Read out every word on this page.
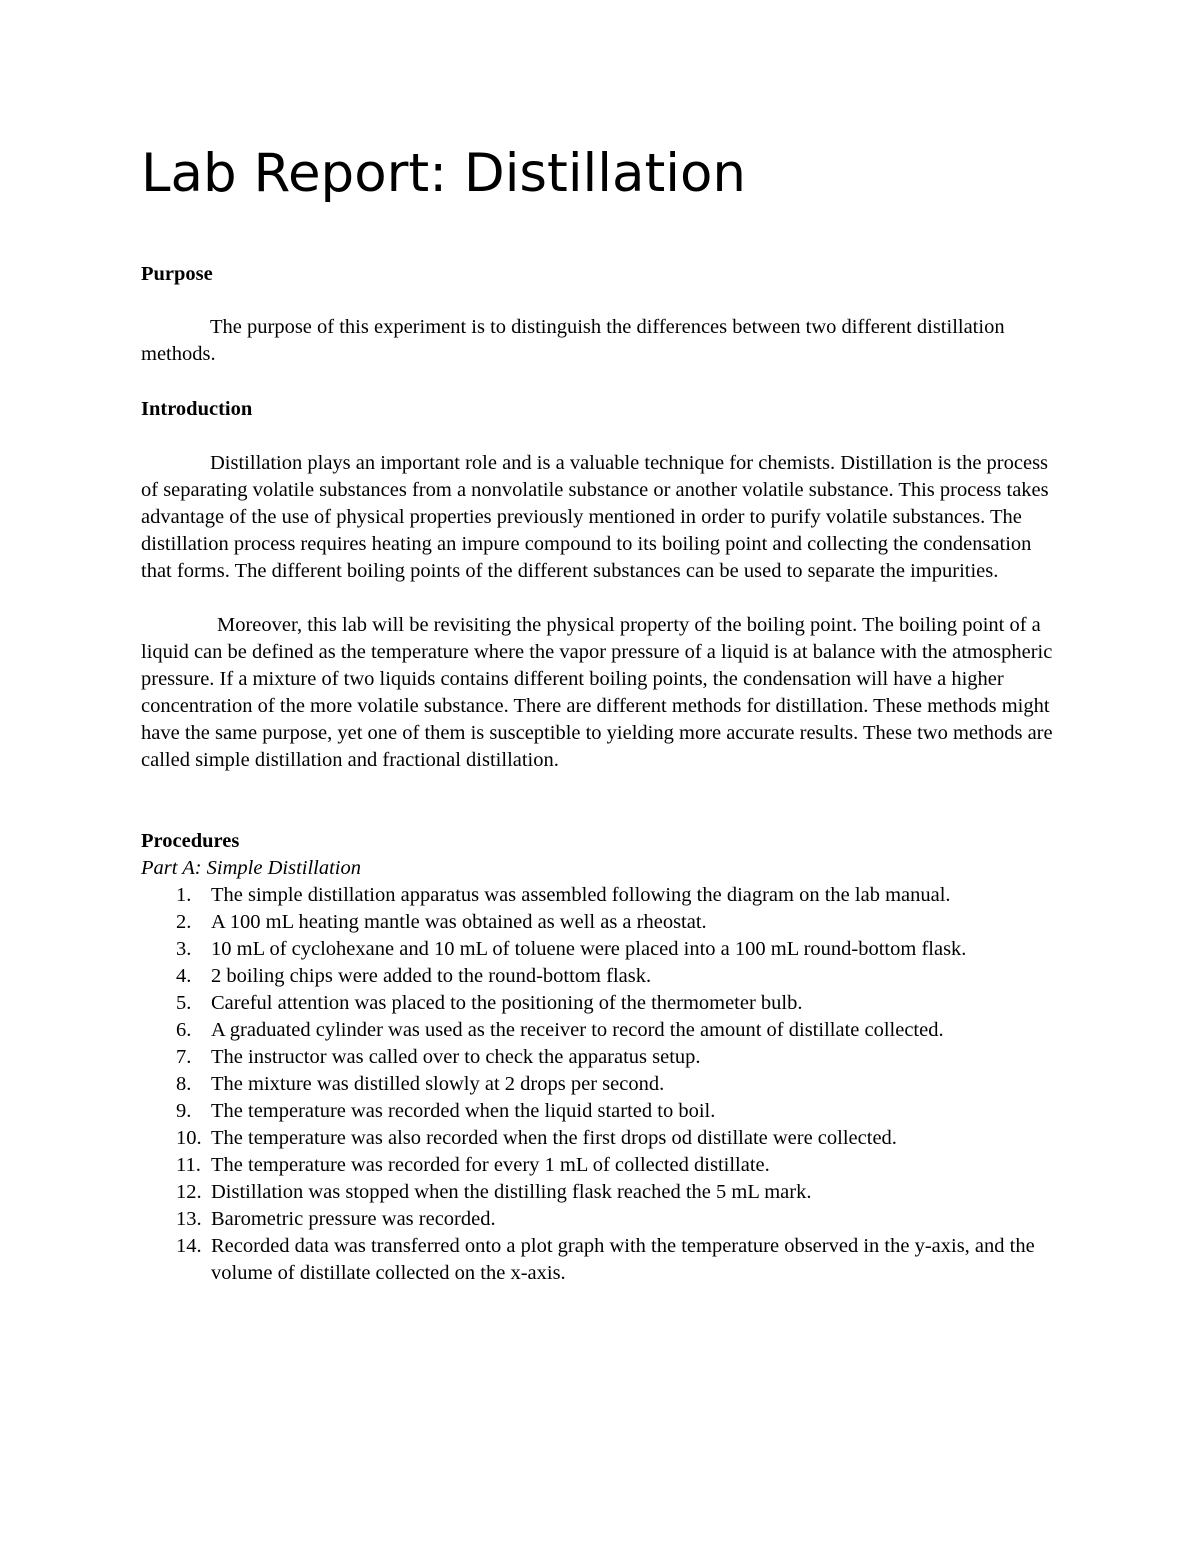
Lab Report: Distillation
Purpose

The purpose of this experiment is to distinguish the differences between two different distillation methods.

Introduction

Distillation plays an important role and is a valuable technique for chemists. Distillation is the process of separating volatile substances from a nonvolatile substance or another volatile substance. This process takes advantage of the use of physical properties previously mentioned in order to purify volatile substances. The distillation process requires heating an impure compound to its boiling point and collecting the condensation that forms. The different boiling points of the different substances can be used to separate the impurities.

Moreover, this lab will be revisiting the physical property of the boiling point. The boiling point of a liquid can be defined as the temperature where the vapor pressure of a liquid is at balance with the atmospheric pressure. If a mixture of two liquids contains different boiling points, the condensation will have a higher concentration of the more volatile substance. There are different methods for distillation. These methods might have the same purpose, yet one of them is susceptible to yielding more accurate results. These two methods are called simple distillation and fractional distillation.

Procedures
Part A: Simple Distillation
1. The simple distillation apparatus was assembled following the diagram on the lab manual.
2. A 100 mL heating mantle was obtained as well as a rheostat.
3. 10 mL of cyclohexane and 10 mL of toluene were placed into a 100 mL round-bottom flask.
4. 2 boiling chips were added to the round-bottom flask.
5. Careful attention was placed to the positioning of the thermometer bulb.
6. A graduated cylinder was used as the receiver to record the amount of distillate collected.
7. The instructor was called over to check the apparatus setup.
8. The mixture was distilled slowly at 2 drops per second.
9. The temperature was recorded when the liquid started to boil.
10. The temperature was also recorded when the first drops od distillate were collected.
11. The temperature was recorded for every 1 mL of collected distillate.
12. Distillation was stopped when the distilling flask reached the 5 mL mark.
13. Barometric pressure was recorded.
14. Recorded data was transferred onto a plot graph with the temperature observed in the y-axis, and the volume of distillate collected on the x-axis.
